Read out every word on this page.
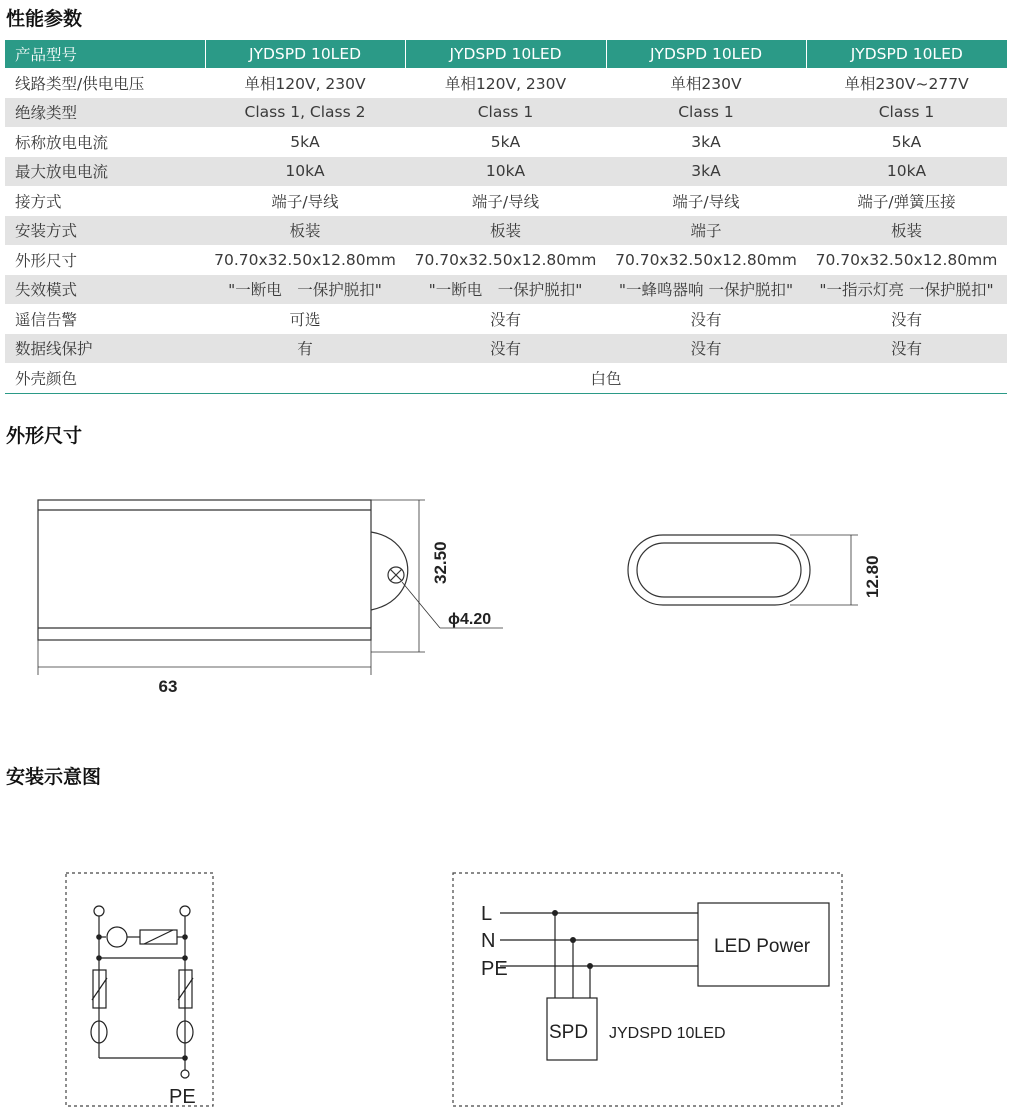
性能参数
产品型号	JYDSPD 10LED	JYDSPD 10LED	JYDSPD 10LED	JYDSPD 10LED
线路类型/供电电压	单相120V, 230V	单相120V, 230V	单相230V	单相230V~277V
绝缘类型	Class 1, Class 2	Class 1	Class 1	Class 1
标称放电电流	5kA	5kA	3kA	5kA
最大放电电流	10kA	10kA	3kA	10kA
接方式	端子/导线	端子/导线	端子/导线	端子/弹簧压接
安装方式	板装	板装	端子	板装
外形尺寸	70.70x32.50x12.80mm	70.70x32.50x12.80mm	70.70x32.50x12.80mm	70.70x32.50x12.80mm
失效模式	"一断电　一保护脱扣"	"一断电　一保护脱扣"	"一蜂鸣器响 一保护脱扣"	"一指示灯亮 一保护脱扣"
遥信告警	可选	没有	没有	没有
数据线保护	有	没有	没有	没有
外壳颜色	白色			
外形尺寸
63
32.50
ϕ4.20
12.80
PE
L
N
PE
LED Power
SPD JYDSPD 10LED
安装示意图
